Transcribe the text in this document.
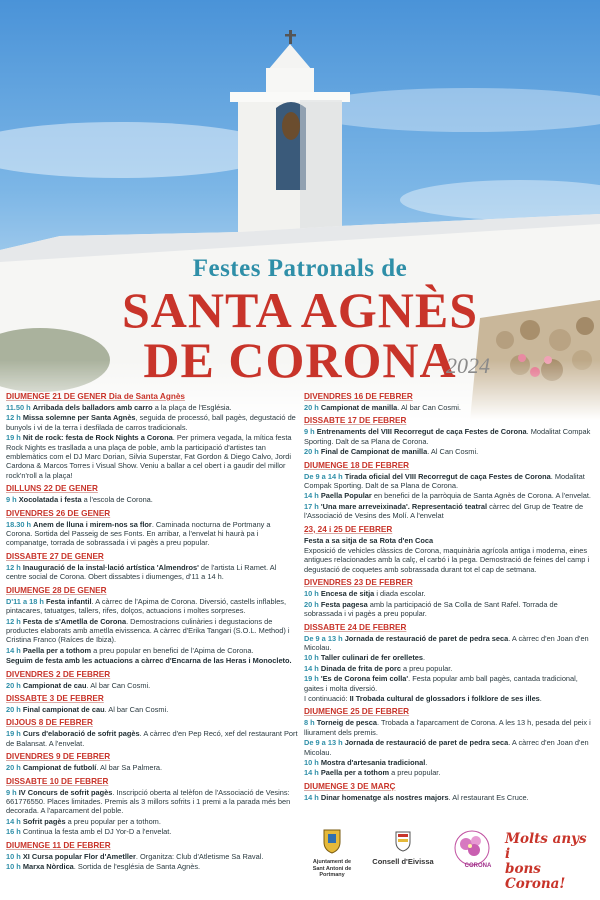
Festes Patronals de
SANTA AGNÈS
DE CORONA
2024
DIUMENGE 21 DE GENER Dia de Santa Agnès
11.50 h Arribada dels balladors amb carro a la plaça de l'Església.
12 h Missa solemne per Santa Agnès, seguida de processó, ball pagès, degustació de bunyols i vi de la terra i desfilada de carros tradicionals.
19 h Nit de rock: festa de Rock Nights a Corona. Per primera vegada, la mítica festa Rock Nights es trasllada a una plaça de poble, amb la participació d'artistes tan emblemàtics com el DJ Marc Dorian, Silvia Superstar, Fat Gordon & Diego Calvo, Jordi Cardona & Marcos Torres i Visual Show. Veniu a ballar a cel obert i a gaudir del millor rock'n'roll a la plaça!
DILLUNS 22 DE GENER
9 h Xocolatada i festa a l'escola de Corona.
DIVENDRES 26 DE GENER
18.30 h Anem de lluna i mirem-nos sa flor. Caminada nocturna de Portmany a Corona. Sortida del Passeig de ses Fonts. En arribar, a l'envelat hi haurà pa i companatge, torrada de sobrassada i vi pagès a preu popular.
DISSABTE 27 DE GENER
12 h Inauguració de la instal·lació artística 'Almendros' de l'artista Li Ramet. Al centre social de Corona. Obert dissabtes i diumenges, d'11 a 14 h.
DIUMENGE 28 DE GENER
D'11 a 18 h Festa infantil. A càrrec de l'Apima de Corona. Diversió, castells inflables, pintacares, tatuatges, tallers, rifes, dolços, actuacions i moltes sorpreses.
12 h Festa de s'Ametlla de Corona. Demostracions culinàries i degustacions de productes elaborats amb ametlla eivissenca. A càrrec d'Erika Tangari (S.O.L. Method) i Cristina Franco (Raíces de Ibiza).
14 h Paella per a tothom a preu popular en benefici de l'Apima de Corona.
Seguim de festa amb les actuacions a càrrec d'Encarna de las Heras i Monocleto.
DIVENDRES 2 DE FEBRER
20 h Campionat de cau. Al bar Can Cosmi.
DISSABTE 3 DE FEBRER
20 h Final campionat de cau. Al bar Can Cosmi.
DIJOUS 8 DE FEBRER
19 h Curs d'elaboració de sofrit pagès. A càrrec d'en Pep Recó, xef del restaurant Port de Balansat. A l'envelat.
DIVENDRES 9 DE FEBRER
20 h Campionat de futbolí. Al bar Sa Palmera.
DISSABTE 10 DE FEBRER
9 h IV Concurs de sofrit pagès. Inscripció oberta al telèfon de l'Associació de Vesins: 661776550. Places limitades. Premis als 3 millors sofrits i 1 premi a la parada més ben decorada. A l'aparcament del poble.
14 h Sofrit pagès a preu popular per a tothom.
16 h Continua la festa amb el DJ Yor-D a l'envelat.
DIUMENGE 11 DE FEBRER
10 h XI Cursa popular Flor d'Ametller. Organitza: Club d'Atletisme Sa Raval.
10 h Marxa Nòrdica. Sortida de l'església de Santa Agnès.
DIVENDRES 16 DE FEBRER
20 h Campionat de manilla. Al bar Can Cosmi.
DISSABTE 17 DE FEBRER
9 h Entrenaments del VIII Recorregut de caça Festes de Corona. Modalitat Compak Sporting. Dalt de sa Plana de Corona.
20 h Final de Campionat de manilla. Al Can Cosmi.
DIUMENGE 18 DE FEBRER
De 9 a 14 h Tirada oficial del VIII Recorregut de caça Festes de Corona. Modalitat Compak Sporting. Dalt de sa Plana de Corona.
14 h Paella Popular en benefici de la parròquia de Santa Agnès de Corona. A l'envelat.
17 h 'Una mare arreveixinada'. Representació teatral càrrec del Grup de Teatre de l'Associació de Vesins des Molí. A l'envelat
23, 24 i 25 DE FEBRER
Festa a sa sitja de sa Rota d'en Coca
Exposició de vehicles clàssics de Corona, maquinària agrícola antiga i moderna, eines antigues relacionades amb la calç, el carbó i la pega. Demostració de feines del camp i degustació de coquetes amb sobrassada durant tot el cap de setmana.
DIVENDRES 23 DE FEBRER
10 h Encesa de sitja i diada escolar.
20 h Festa pagesa amb la participació de Sa Colla de Sant Rafel. Torrada de sobrassada i vi pagès a preu popular.
DISSABTE 24 DE FEBRER
De 9 a 13 h Jornada de restauració de paret de pedra seca. A càrrec d'en Joan d'en Micolau.
10 h Taller culinari de fer orelletes.
14 h Dinada de frita de porc a preu popular.
19 h 'Es de Corona feim colla'. Festa popular amb ball pagès, cantada tradicional, gaites i molta diversió.
I continuació: II Trobada cultural de glossadors i folklore de ses illes.
DIUMENGE 25 DE FEBRER
8 h Torneig de pesca. Trobada a l'aparcament de Corona. A les 13 h, pesada del peix i lliurament dels premis.
De 9 a 13 h Jornada de restauració de paret de pedra seca. A càrrec d'en Joan d'en Micolau.
10 h Mostra d'artesania tradicional.
14 h Paella per a tothom a preu popular.
DIUMENGE 3 DE MARÇ
14 h Dinar homenatge als nostres majors. Al restaurant Es Cruce.
Ajuntament de
Sant Antoni de Portmany
Consell d'Eivissa	CORONA
Molts anys i
bons Corona!
